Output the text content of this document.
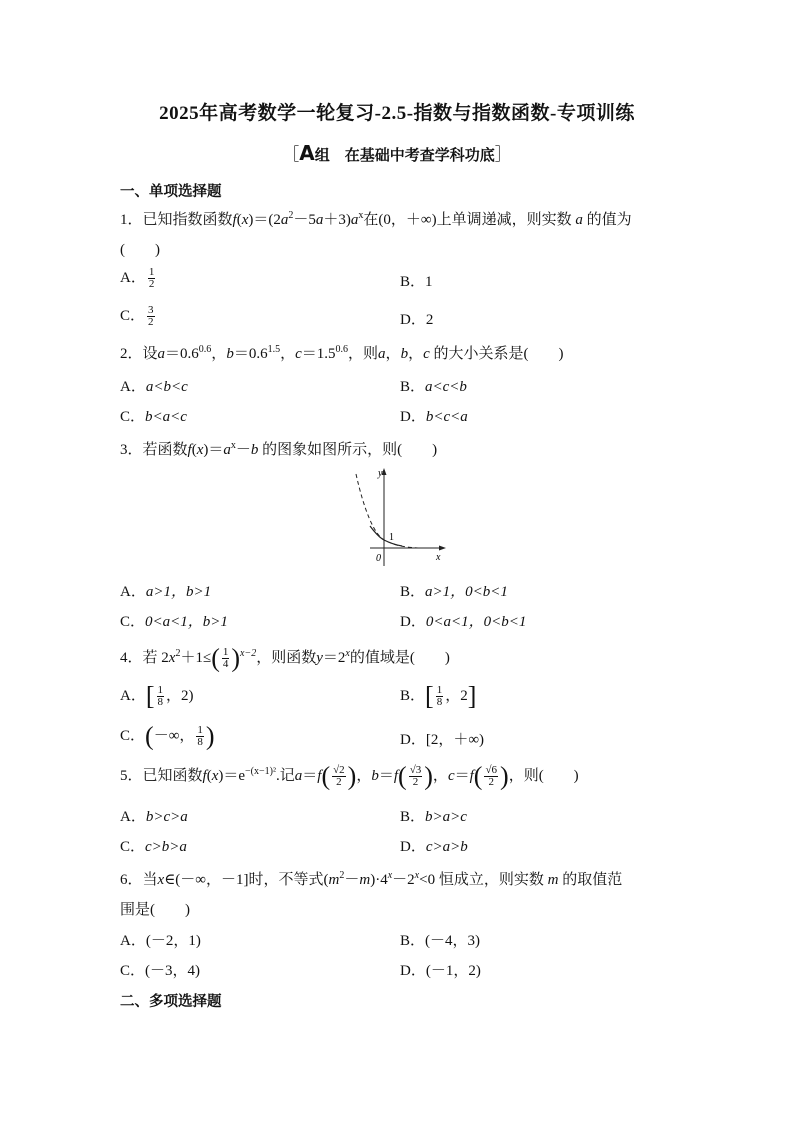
2025年高考数学一轮复习-2.5-指数与指数函数-专项训练
［A组　在基础中考查学科功底］
一、单项选择题
1．已知指数函数$f(x)=(2a^2-5a+3)a^x$在(0，＋∞)上单调递减，则实数 a 的值为
(　　)
A． $\frac{1}{2}$	B．1
C． $\frac{3}{2}$	D．2
2．设$a=0.6^{0.6}$，$b=0.6^{1.5}$，$c=1.5^{0.6}$，则a，b，c 的大小关系是(　　)
A．a<b<c	B．a<c<b
C．b<a<c	D．b<c<a
3．若函数$f(x)=a^x-b$ 的图象如图所示，则(　　)
y
1
0	x
A．a>1，b>1	B．a>1，0<b<1
C．0<a<1，b>1	D．0<a<1，0<b<1
4．若 $2x^2+1\le( \frac{1}{4} )^{x-2}$，则函数$y=2^x$的值域是(　　)
A．[ $\frac{1}{8}$ ，2)	B．[ $\frac{1}{8}$ ，2]
C．(－∞， $\frac{1}{8}$ )	D．[2，＋∞)
5．已知函数$f(x)=e^{-(x-1)^2}$.记$a=f( \frac{√2}{2}$ )，$b=f( \frac{√3}{2}$ )，$c=f( \frac{√6}{2}$ )，则(　　)
A．b>c>a	B．b>a>c
C．c>b>a	D．c>a>b
6．当x∈(－∞，－1]时，不等式$(m^2-m)\cdot 4^x-2^x<0$ 恒成立，则实数 m 的取值范
围是(　　)
A．(－2，1)	B．(－4，3)
C．(－3，4)	D．(－1，2)
二、多项选择题
